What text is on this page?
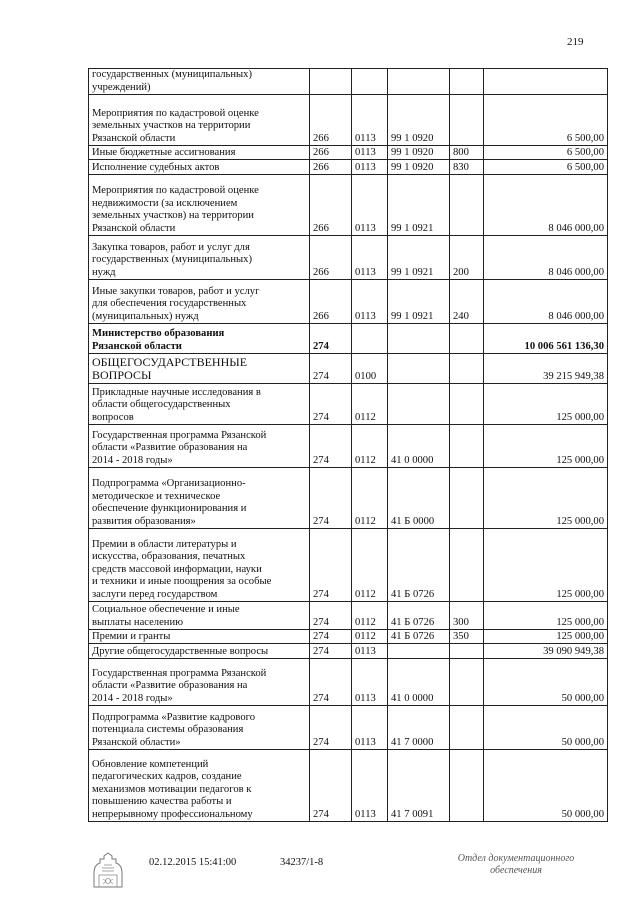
219
государственных (муниципальных)
учреждений)					

Мероприятия по кадастровой оценке
земельных участков на территории
Рязанской области	266	0113	99 1 0920		6 500,00

Иные бюджетные ассигнования	266	0113	99 1 0920	800	6 500,00

Исполнение судебных актов	266	0113	99 1 0920	830	6 500,00

Мероприятия по кадастровой оценке
недвижимости (за исключением
земельных участков) на территории
Рязанской области	266	0113	99 1 0921		8 046 000,00

Закупка товаров, работ и услуг для
государственных (муниципальных)
нужд	266	0113	99 1 0921	200	8 046 000,00

Иные закупки товаров, работ и услуг
для обеспечения государственных
(муниципальных) нужд	266	0113	99 1 0921	240	8 046 000,00

Министерство образования
Рязанской области	274				10 006 561 136,30

ОБЩЕГОСУДАРСТВЕННЫЕ
ВОПРОСЫ	274	0100			39 215 949,38

Прикладные научные исследования в
области общегосударственных
вопросов	274	0112			125 000,00

Государственная программа Рязанской
области «Развитие образования на
2014 - 2018 годы»	274	0112	41 0 0000		125 000,00

Подпрограмма «Организационно-
методическое и техническое
обеспечение функционирования и
развития образования»	274	0112	41 Б 0000		125 000,00

Премии в области литературы и
искусства, образования, печатных
средств массовой информации, науки
и техники и иные поощрения за особые
заслуги перед государством	274	0112	41 Б 0726		125 000,00

Социальное обеспечение и иные
выплаты населению	274	0112	41 Б 0726	300	125 000,00

Премии и гранты	274	0112	41 Б 0726	350	125 000,00

Другие общегосударственные вопросы	274	0113			39 090 949,38

Государственная программа Рязанской
области «Развитие образования на
2014 - 2018 годы»	274	0113	41 0 0000		50 000,00

Подпрограмма «Развитие кадрового
потенциала системы образования
Рязанской области»	274	0113	41 7 0000		50 000,00

Обновление компетенций
педагогических кадров, создание
механизмов мотивации педагогов к
повышению качества работы и
непрерывному профессиональному	274	0113	41 7 0091		50 000,00
02.12.2015 15:41:00	34237/1-8	Отдел документационного
обеспечения
